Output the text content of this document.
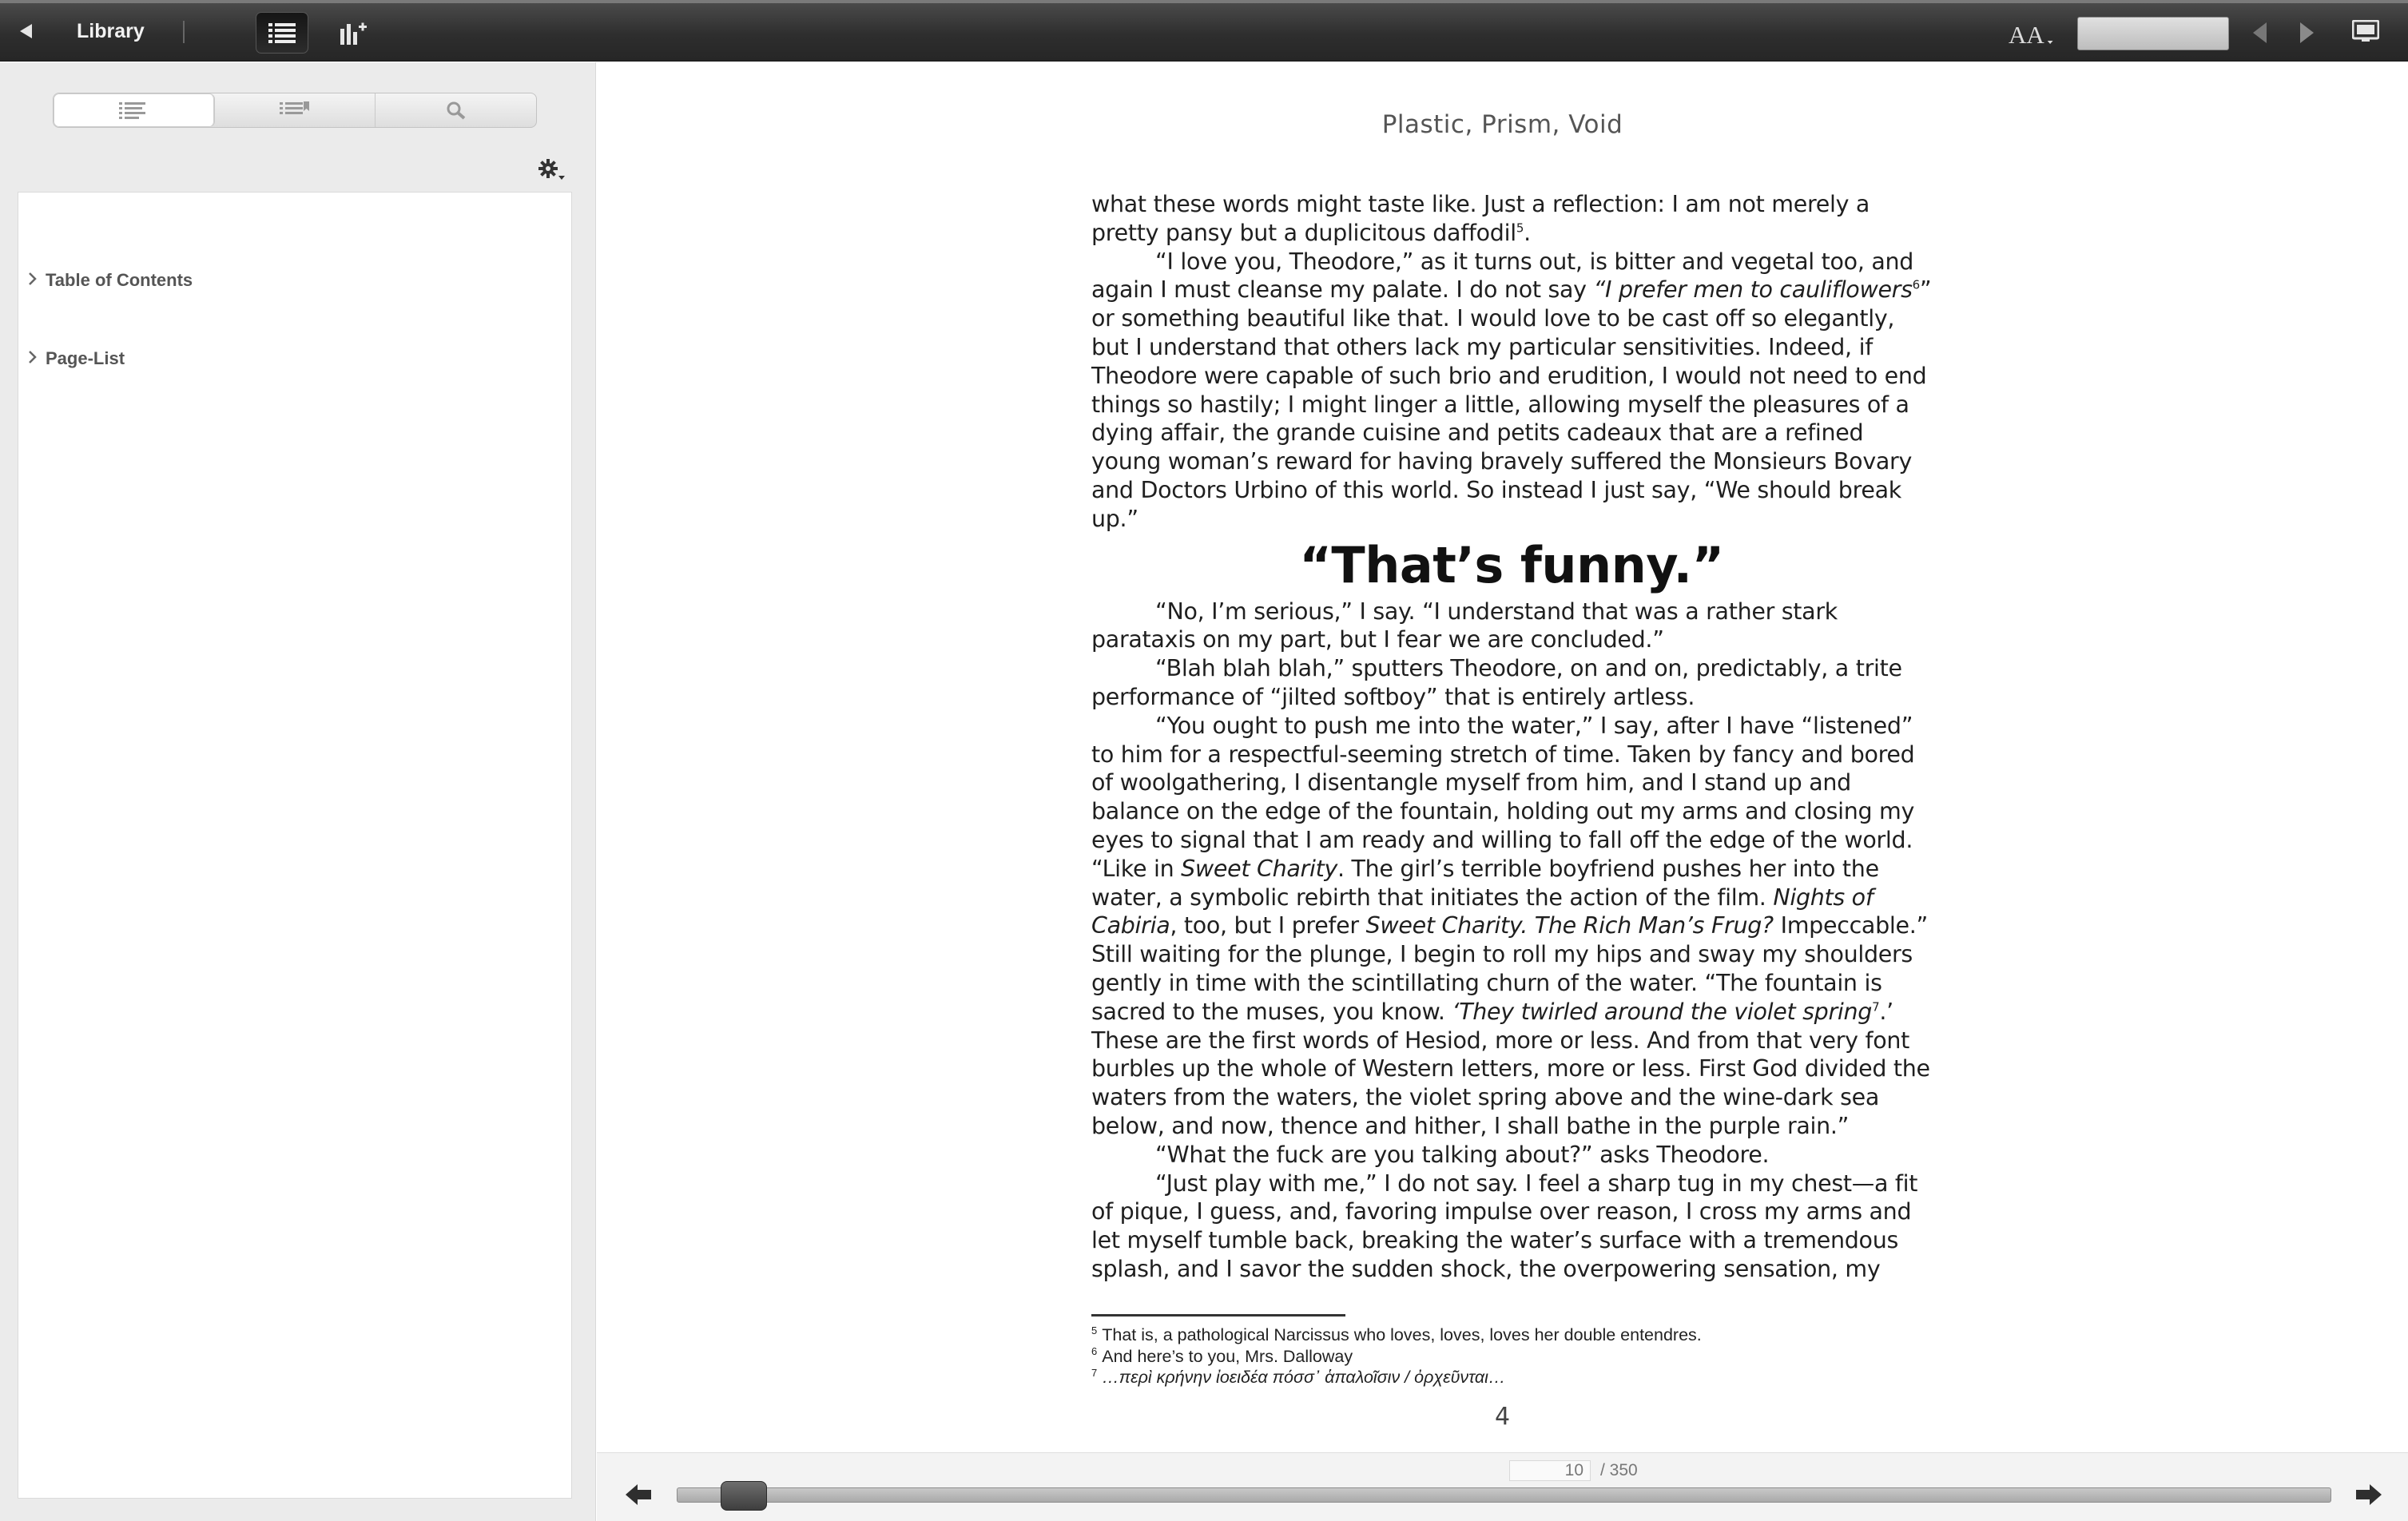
Library	AA
Table of Contents
Page-List
Plastic, Prism, Void

what these words might taste like. Just a reflection: I am not merely a pretty pansy but a duplicitous daffodil$^5$.

“I love you, Theodore,” as it turns out, is bitter and vegetal too, and again I must cleanse my palate. I do not say “I prefer men to cauliflowers$^6$” or something beautiful like that. I would love to be cast off so elegantly, but I understand that others lack my particular sensitivities. Indeed, if Theodore were capable of such brio and erudition, I would not need to end things so hastily; I might linger a little, allowing myself the pleasures of a dying affair, the grande cuisine and petits cadeaux that are a refined young woman’s reward for having bravely suffered the Monsieurs Bovary and Doctors Urbino of this world. So instead I just say, “We should break up.”

“That’s funny.”

“No, I’m serious,” I say. “I understand that was a rather stark parataxis on my part, but I fear we are concluded.”

“Blah blah blah,” sputters Theodore, on and on, predictably, a trite performance of “jilted softboy” that is entirely artless.

“You ought to push me into the water,” I say, after I have “listened” to him for a respectful-seeming stretch of time. Taken by fancy and bored of woolgathering, I disentangle myself from him, and I stand up and balance on the edge of the fountain, holding out my arms and closing my eyes to signal that I am ready and willing to fall off the edge of the world. “Like in Sweet Charity. The girl’s terrible boyfriend pushes her into the water, a symbolic rebirth that initiates the action of the film. Nights of Cabiria, too, but I prefer Sweet Charity. The Rich Man’s Frug? Impeccable.” Still waiting for the plunge, I begin to roll my hips and sway my shoulders gently in time with the scintillating churn of the water. “The fountain is sacred to the muses, you know. ‘They twirled around the violet spring$^7$.’ These are the first words of Hesiod, more or less. And from that very font burbles up the whole of Western letters, more or less. First God divided the waters from the waters, the violet spring above and the wine-dark sea below, and now, thence and hither, I shall bathe in the purple rain.”

“What the fuck are you talking about?” asks Theodore.

“Just play with me,” I do not say. I feel a sharp tug in my chest—a fit of pique, I guess, and, favoring impulse over reason, I cross my arms and let myself tumble back, breaking the water’s surface with a tremendous splash, and I savor the sudden shock, the overpowering sensation, my

$^5$ That is, a pathological Narcissus who loves, loves, loves her double entendres.
$^6$ And here’s to you, Mrs. Dalloway
$^7$ …περὶ κρήνην ἰοειδέα πόσσ᾽ ἁπαλοῖσιν / ὀρχεῦνται…
4
10	/ 350
